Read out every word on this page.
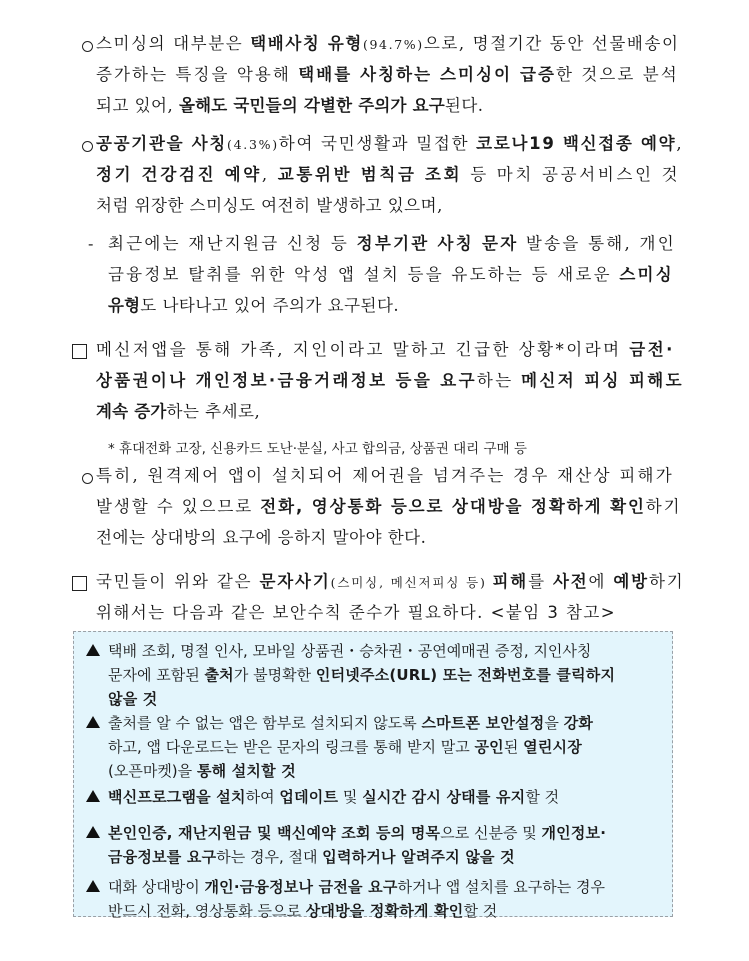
스미싱의 대부분은 택배사칭 유형(94.7%)으로, 명절기간 동안 선물배송이
증가하는 특징을 악용해 택배를 사칭하는 스미싱이 급증한 것으로 분석
되고 있어, 올해도 국민들의 각별한 주의가 요구된다.
공공기관을 사칭(4.3%)하여 국민생활과 밀접한 코로나19 백신접종 예약,
정기 건강검진 예약, 교통위반 범칙금 조회 등 마치 공공서비스인 것
처럼 위장한 스미싱도 여전히 발생하고 있으며,
- 최근에는 재난지원금 신청 등 정부기관 사칭 문자 발송을 통해, 개인
금융정보 탈취를 위한 악성 앱 설치 등을 유도하는 등 새로운 스미싱
유형도 나타나고 있어 주의가 요구된다.
메신저앱을 통해 가족, 지인이라고 말하고 긴급한 상황*이라며 금전·
상품권이나 개인정보·금융거래정보 등을 요구하는 메신저 피싱 피해도
계속 증가하는 추세로,
* 휴대전화 고장, 신용카드 도난·분실, 사고 합의금, 상품권 대리 구매 등
특히, 원격제어 앱이 설치되어 제어권을 넘겨주는 경우 재산상 피해가
발생할 수 있으므로 전화, 영상통화 등으로 상대방을 정확하게 확인하기
전에는 상대방의 요구에 응하지 말아야 한다.
국민들이 위와 같은 문자사기(스미싱, 메신저피싱 등) 피해를 사전에 예방하기
위해서는 다음과 같은 보안수칙 준수가 필요하다. <붙임 3 참고>
택배 조회, 명절 인사, 모바일 상품권・승차권・공연예매권 증정, 지인사칭
문자에 포함된 출처가 불명확한 인터넷주소(URL) 또는 전화번호를 클릭하지
않을 것
출처를 알 수 없는 앱은 함부로 설치되지 않도록 스마트폰 보안설정을 강화
하고, 앱 다운로드는 받은 문자의 링크를 통해 받지 말고 공인된 열린시장
(오픈마켓)을 통해 설치할 것
백신프로그램을 설치하여 업데이트 및 실시간 감시 상태를 유지할 것
본인인증, 재난지원금 및 백신예약 조회 등의 명목으로 신분증 및 개인정보·
금융정보를 요구하는 경우, 절대 입력하거나 알려주지 않을 것
대화 상대방이 개인·금융정보나 금전을 요구하거나 앱 설치를 요구하는 경우
반드시 전화, 영상통화 등으로 상대방을 정확하게 확인할 것
